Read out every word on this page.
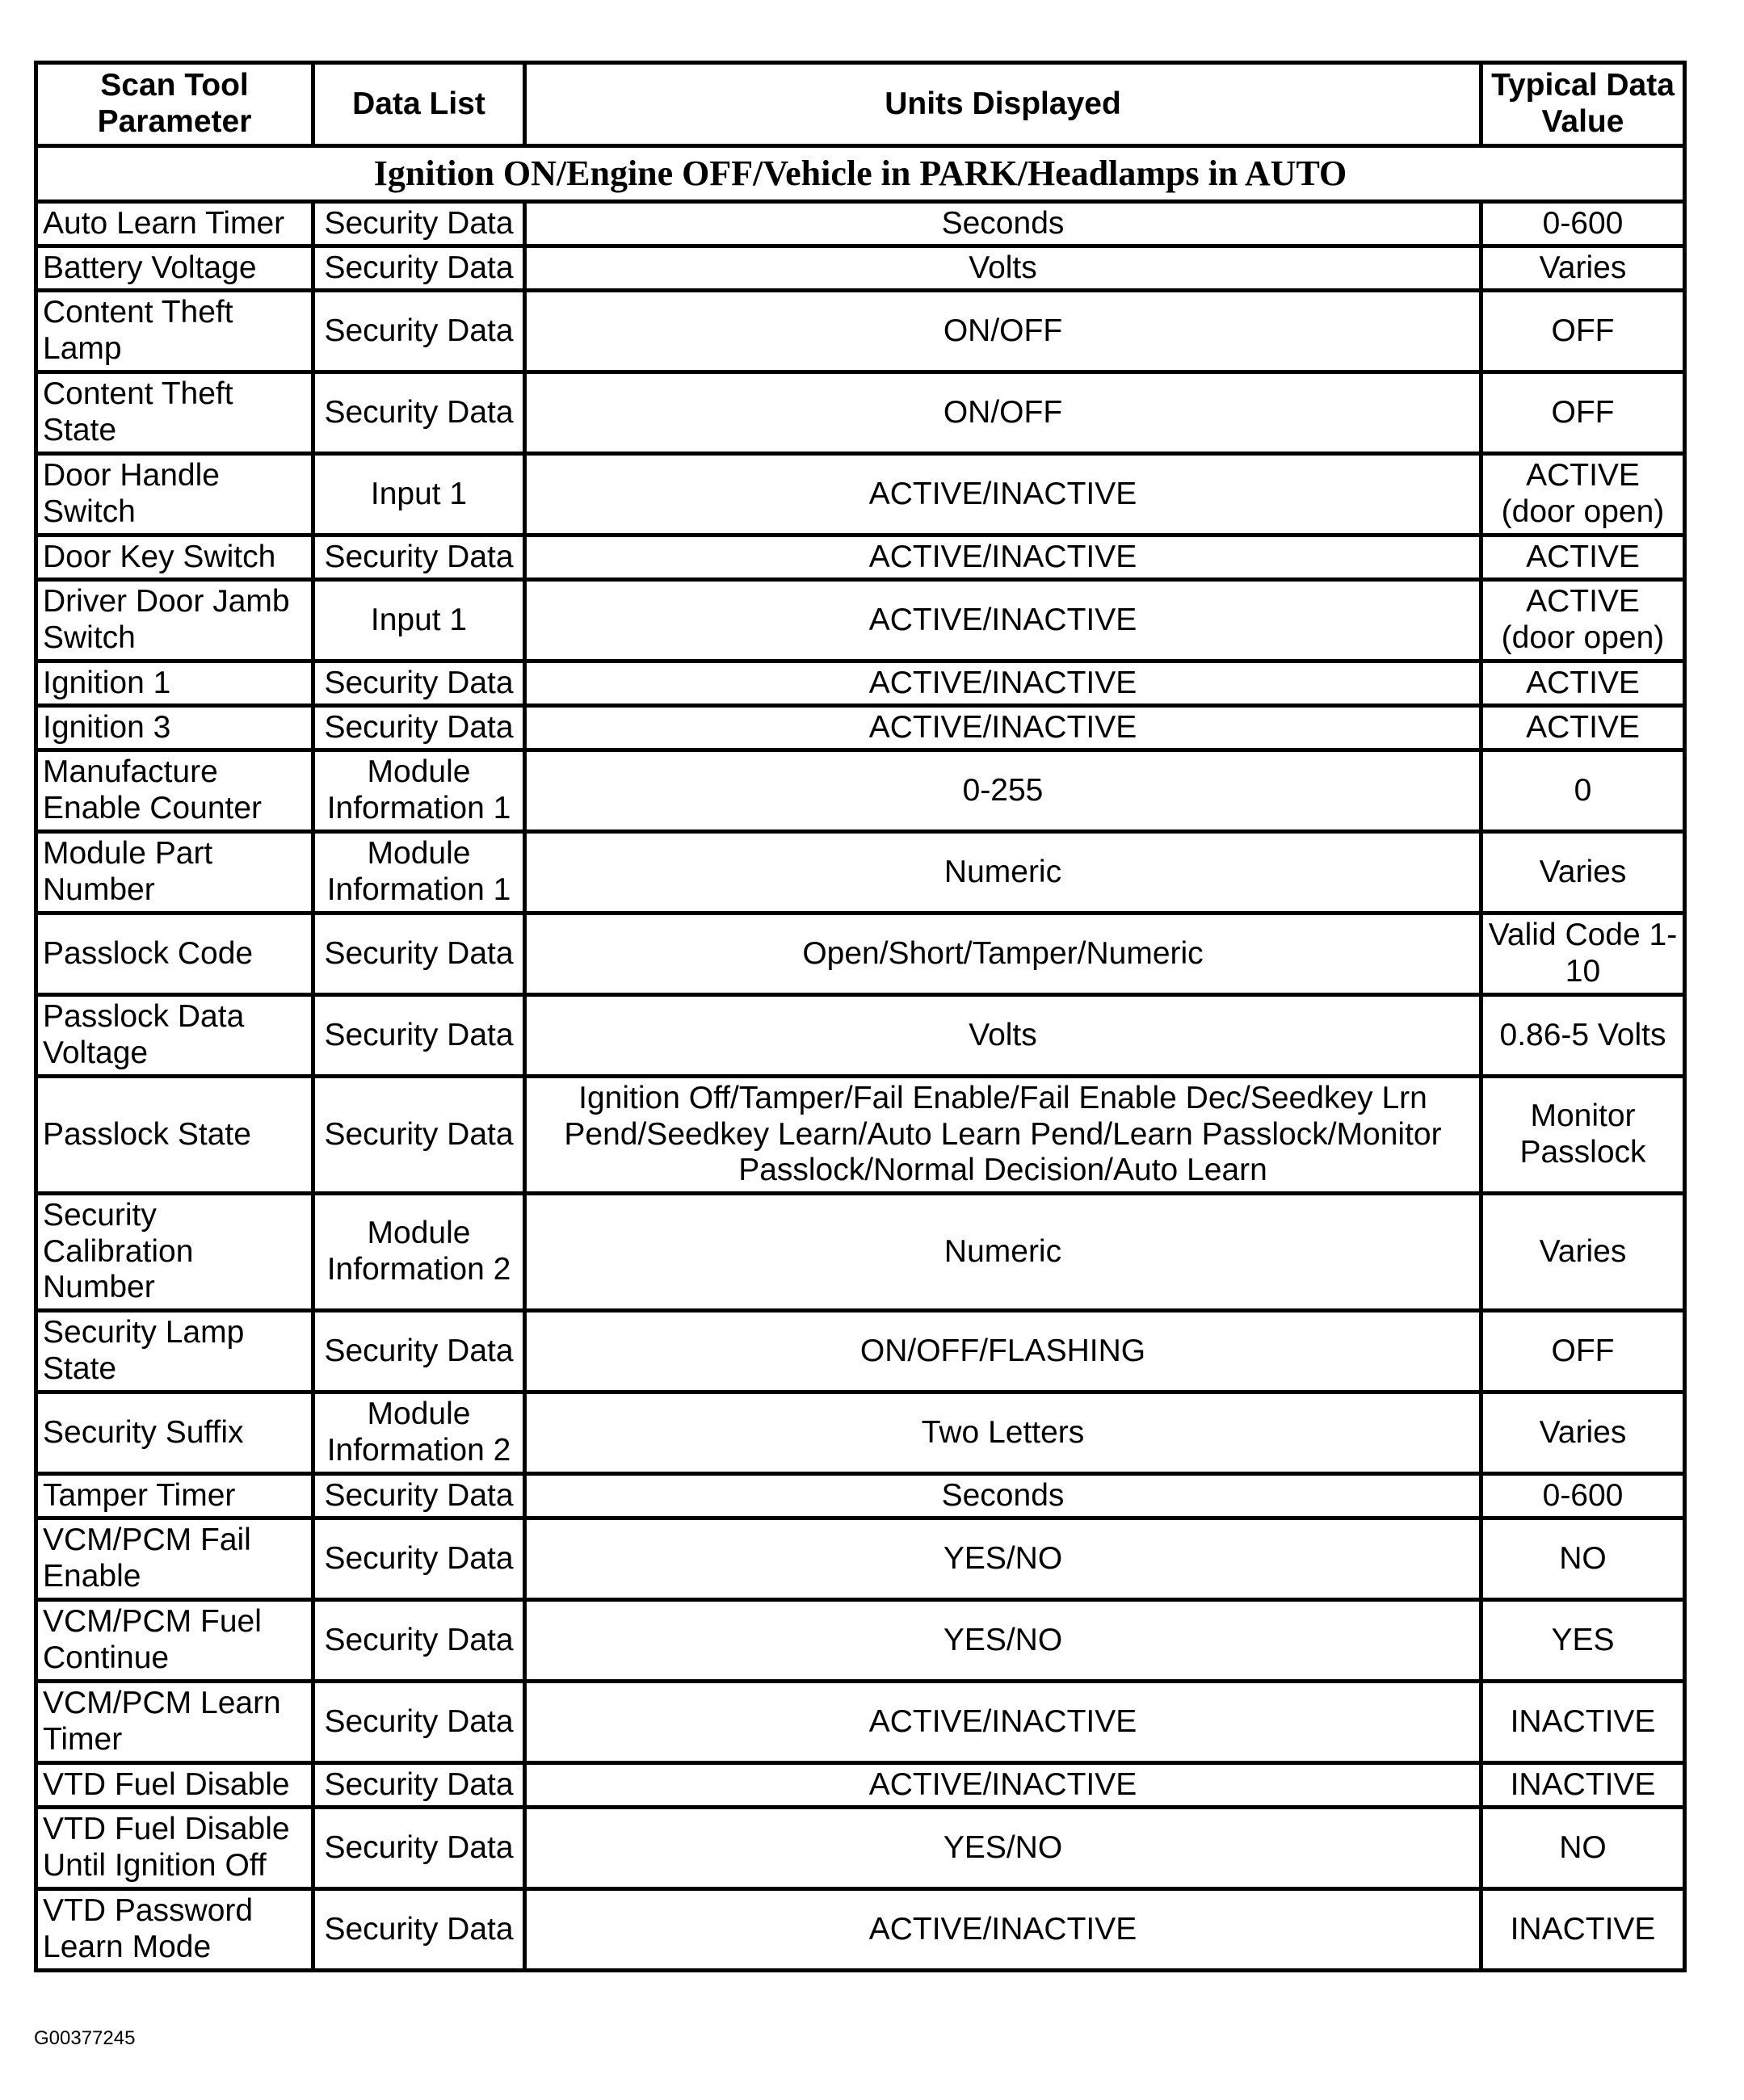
Scan Tool Parameter	Data List	Units Displayed	Typical Data Value
Ignition ON/Engine OFF/Vehicle in PARK/Headlamps in AUTO			
Auto Learn Timer	Security Data	Seconds	0-600
Battery Voltage	Security Data	Volts	Varies
Content Theft Lamp	Security Data	ON/OFF	OFF
Content Theft State	Security Data	ON/OFF	OFF
Door Handle Switch	Input 1	ACTIVE/INACTIVE	ACTIVE (door open)
Door Key Switch	Security Data	ACTIVE/INACTIVE	ACTIVE
Driver Door Jamb Switch	Input 1	ACTIVE/INACTIVE	ACTIVE (door open)
Ignition 1	Security Data	ACTIVE/INACTIVE	ACTIVE
Ignition 3	Security Data	ACTIVE/INACTIVE	ACTIVE
Manufacture Enable Counter	Module Information 1	0-255	0
Module Part Number	Module Information 1	Numeric	Varies
Passlock Code	Security Data	Open/Short/Tamper/Numeric	Valid Code 1-10
Passlock Data Voltage	Security Data	Volts	0.86-5 Volts
Passlock State	Security Data	Ignition Off/Tamper/Fail Enable/Fail Enable Dec/Seedkey Lrn Pend/Seedkey Learn/Auto Learn Pend/Learn Passlock/Monitor Passlock/Normal Decision/Auto Learn	Monitor Passlock
Security Calibration Number	Module Information 2	Numeric	Varies
Security Lamp State	Security Data	ON/OFF/FLASHING	OFF
Security Suffix	Module Information 2	Two Letters	Varies
Tamper Timer	Security Data	Seconds	0-600
VCM/PCM Fail Enable	Security Data	YES/NO	NO
VCM/PCM Fuel Continue	Security Data	YES/NO	YES
VCM/PCM Learn Timer	Security Data	ACTIVE/INACTIVE	INACTIVE
VTD Fuel Disable	Security Data	ACTIVE/INACTIVE	INACTIVE
VTD Fuel Disable Until Ignition Off	Security Data	YES/NO	NO
VTD Password Learn Mode	Security Data	ACTIVE/INACTIVE	INACTIVE
G00377245
